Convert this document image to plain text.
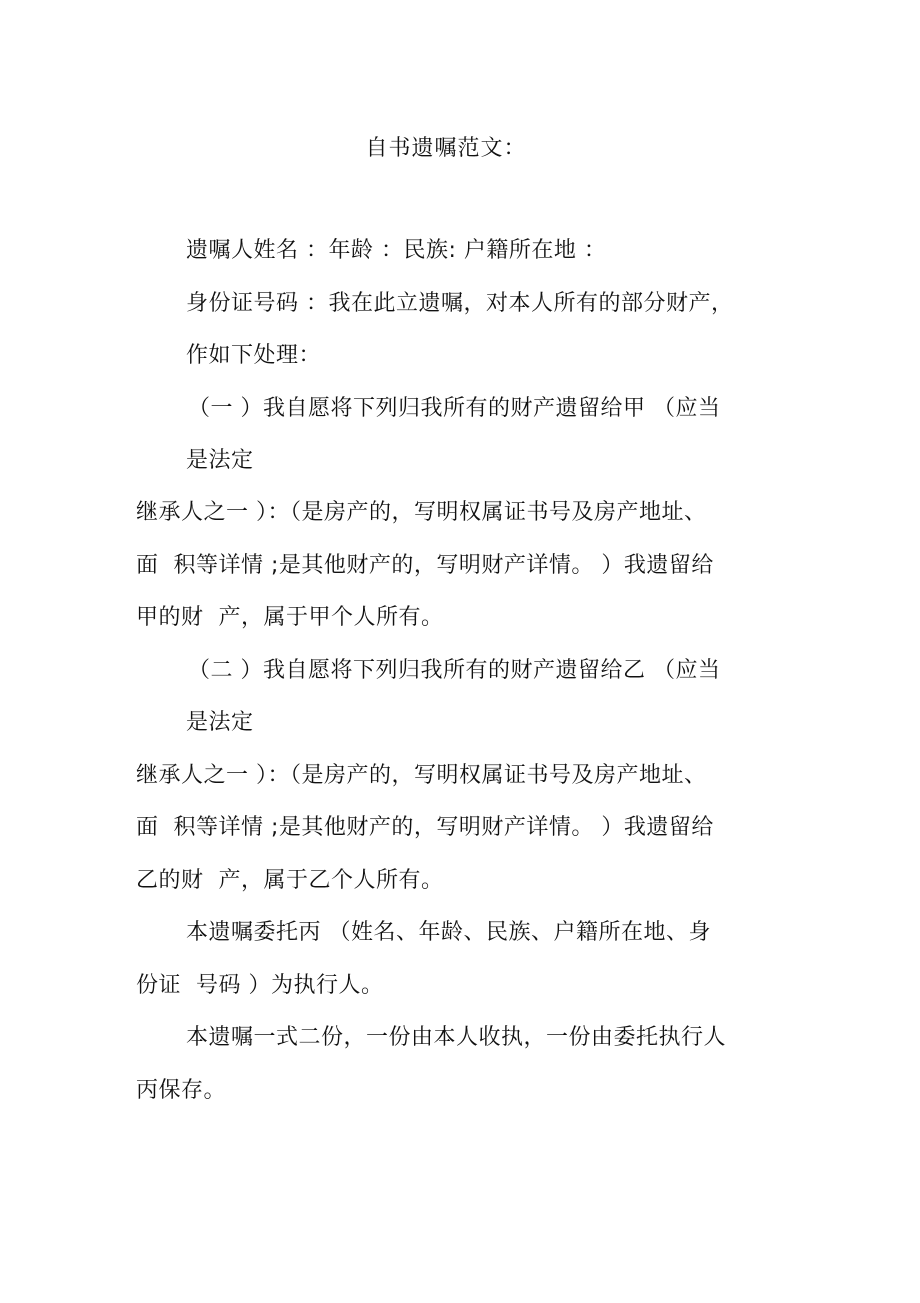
自书遗嘱范文：
遗嘱人姓名 ：年龄 ：民族: 户籍所在地 ：
身份证号码 ：我在此立遗嘱，对本人所有的部分财产，
作如下处理：
（一 ）我自愿将下列归我所有的财产遗留给甲 （应当
是法定
继承人之一 ）：（是房产的，写明权属证书号及房产地址、
面  积等详情 ;是其他财产的，写明财产详情。 ）我遗留给
甲的财  产，属于甲个人所有。
（二 ）我自愿将下列归我所有的财产遗留给乙 （应当
是法定
继承人之一 ）：（是房产的，写明权属证书号及房产地址、
面  积等详情 ;是其他财产的，写明财产详情。 ）我遗留给
乙的财  产，属于乙个人所有。
本遗嘱委托丙 （姓名、年龄、民族、户籍所在地、身
份证  号码 ）为执行人。
本遗嘱一式二份，一份由本人收执，一份由委托执行人
丙保存。
